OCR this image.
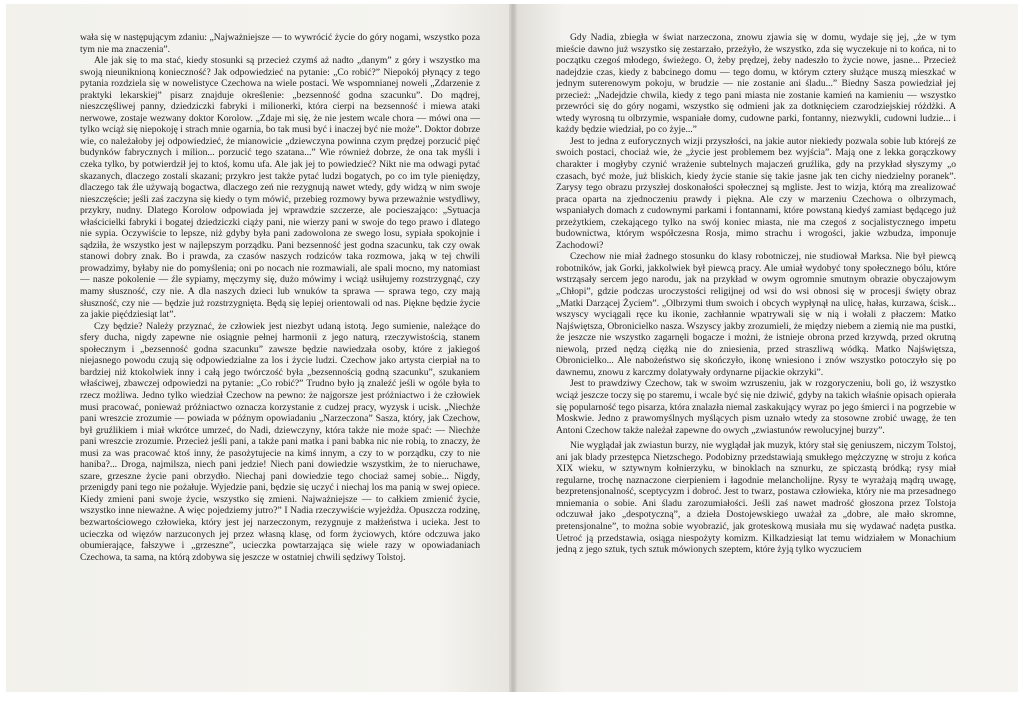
wała się w następującym zdaniu: „Najważniejsze — to wywrócić życie do góry nogami, wszystko poza tym nie ma znaczenia”.

Ale jak się to ma stać, kiedy stosunki są przecież czymś aż nadto „danym” z góry i wszystko ma swoją nieuniknioną konieczność? Jak odpowiedzieć na pytanie: „Co robić?” Niepokój płynący z tego pytania rozdziela się w nowelistyce Czechowa na wiele postaci. We wspomnianej noweli „Zdarzenie z praktyki lekarskiej” pisarz znajduje określenie: „bezsenność godna szacunku”. Do mądrej, nieszczęśliwej panny, dziedziczki fabryki i milionerki, która cierpi na bezsenność i miewa ataki nerwowe, zostaje wezwany doktor Korolow. „Zdaje mi się, że nie jestem wcale chora — mówi ona — tylko wciąż się niepokoję i strach mnie ogarnia, bo tak musi być i inaczej być nie może”. Doktor dobrze wie, co należałoby jej odpowiedzieć, że mianowicie „dziewczyna powinna czym prędzej porzucić pięć budynków fabrycznych i milion... porzucić tego szatana...” Wie również dobrze, że ona tak myśli i czeka tylko, by potwierdził jej to ktoś, komu ufa. Ale jak jej to powiedzieć? Nikt nie ma odwagi pytać skazanych, dlaczego zostali skazani; przykro jest także pytać ludzi bogatych, po co im tyle pieniędzy, dlaczego tak źle używają bogactwa, dlaczego zeń nie rezygnują nawet wtedy, gdy widzą w nim swoje nieszczęście; jeśli zaś zaczyna się kiedy o tym mówić, przebieg rozmowy bywa przeważnie wstydliwy, przykry, nudny. Dlatego Korolow odpowiada jej wprawdzie szczerze, ale pocieszająco: „Sytuacja właścicielki fabryki i bogatej dziedziczki ciąży pani, nie wierzy pani w swoje do tego prawo i dlatego nie sypia. Oczywiście to lepsze, niż gdyby była pani zadowolona ze swego losu, sypiała spokojnie i sądziła, że wszystko jest w najlepszym porządku. Pani bezsenność jest godna szacunku, tak czy owak stanowi dobry znak. Bo i prawda, za czasów naszych rodziców taka rozmowa, jaką w tej chwili prowadzimy, byłaby nie do pomyślenia; oni po nocach nie rozmawiali, ale spali mocno, my natomiast — nasze pokolenie — źle sypiamy, męczymy się, dużo mówimy i wciąż usiłujemy rozstrzygnąć, czy mamy słuszność, czy nie. A dla naszych dzieci lub wnuków ta sprawa — sprawa tego, czy mają słuszność, czy nie — będzie już rozstrzygnięta. Będą się lepiej orientowali od nas. Piękne będzie życie za jakie pięćdziesiąt lat”.

Czy będzie? Należy przyznać, że człowiek jest niezbyt udaną istotą. Jego sumienie, należące do sfery ducha, nigdy zapewne nie osiągnie pełnej harmonii z jego naturą, rzeczywistością, stanem społecznym i „bezsenność godna szacunku” zawsze będzie nawiedzała osoby, które z jakiegoś niejasnego powodu czują się odpowiedzialne za los i życie ludzi. Czechow jako artysta cierpiał na to bardziej niż ktokolwiek inny i całą jego twórczość była „bezsennością godną szacunku”, szukaniem właściwej, zbawczej odpowiedzi na pytanie: „Co robić?” Trudno było ją znaleźć jeśli w ogóle była to rzecz możliwa. Jedno tylko wiedział Czechow na pewno: że najgorsze jest próżniactwo i że człowiek musi pracować, ponieważ próżniactwo oznacza korzystanie z cudzej pracy, wyzysk i ucisk. „Niechże pani wreszcie zrozumie — powiada w późnym opowiadaniu „Narzeczona” Sasza, który, jak Czechow, był gruźlikiem i miał wkrótce umrzeć, do Nadi, dziewczyny, która także nie może spać: — Niechże pani wreszcie zrozumie. Przecież jeśli pani, a także pani matka i pani babka nic nie robią, to znaczy, że musi za was pracować ktoś inny, że pasożytujecie na kimś innym, a czy to w porządku, czy to nie haniba?... Droga, najmilsza, niech pani jedzie! Niech pani dowiedzie wszystkim, że to nieruchawe, szare, grzeszne życie pani obrzydło. Niechaj pani dowiedzie tego chociaż samej sobie... Nigdy, przenigdy pani tego nie pożałuje. Wyjedzie pani, będzie się uczyć i niechaj los ma panią w swej opiece. Kiedy zmieni pani swoje życie, wszystko się zmieni. Najważniejsze — to całkiem zmienić życie, wszystko inne nieważne. A więc pojedziemy jutro?” I Nadia rzeczywiście wyjeżdża. Opuszcza rodzinę, bezwartościowego człowieka, który jest jej narzeczonym, rezygnuje z małżeństwa i ucieka. Jest to ucieczka od więzów narzuconych jej przez własną klasę, od form życiowych, które odczuwa jako obumierające, fałszywe i „grzeszne”, ucieczka powtarzająca się wiele razy w opowiadaniach Czechowa, ta sama, na którą zdobywa się jeszcze w ostatniej chwili sędziwy Tolstoj.

Gdy Nadia, zbiegła w świat narzeczona, znowu zjawia się w domu, wydaje się jej, „że w tym mieście dawno już wszystko się zestarzało, przeżyło, że wszystko, zda się wyczekuje ni to końca, ni to początku czegoś młodego, świeżego. O, żeby prędzej, żeby nadeszło to życie nowe, jasne... Przecież nadejdzie czas, kiedy z babcinego domu — tego domu, w którym cztery służące muszą mieszkać w jednym suterenowym pokoju, w brudzie — nie zostanie ani śladu...” Biedny Sasza powiedział jej przecież: „Nadejdzie chwila, kiedy z tego pani miasta nie zostanie kamień na kamieniu — wszystko przewróci się do góry nogami, wszystko się odmieni jak za dotknięciem czarodziejskiej różdżki. A wtedy wyrosną tu olbrzymie, wspaniałe domy, cudowne parki, fontanny, niezwykli, cudowni ludzie... i każdy będzie wiedział, po co żyje...”

Jest to jedna z euforycznych wizji przyszłości, na jakie autor niekiedy pozwala sobie lub którejś ze swoich postaci, chociaż wie, że „życie jest problemem bez wyjścia”. Mają one z lekka gorączkowy charakter i mogłyby czynić wrażenie subtelnych majaczeń gruźlika, gdy na przykład słyszymy „o czasach, być może, już bliskich, kiedy życie stanie się takie jasne jak ten cichy niedzielny poranek”. Zarysy tego obrazu przyszłej doskonałości społecznej są mgliste. Jest to wizja, którą ma zrealizować praca oparta na zjednoczeniu prawdy i piękna. Ale czy w marzeniu Czechowa o olbrzymach, wspaniałych domach z cudownymi parkami i fontannami, które powstaną kiedyś zamiast będącego już przeżytkiem, czekającego tylko na swój koniec miasta, nie ma czegoś z socjalistycznego impetu budownictwa, którym współczesna Rosja, mimo strachu i wrogości, jakie wzbudza, imponuje Zachodowi?

Czechow nie miał żadnego stosunku do klasy robotniczej, nie studiował Marksa. Nie był piewcą robotników, jak Gorki, jakkolwiek był piewcą pracy. Ale umiał wydobyć tony społecznego bólu, które wstrząsały sercem jego narodu, jak na przykład w owym ogromnie smutnym obrazie obyczajowym „Chłopi”, gdzie podczas uroczystości religijnej od wsi do wsi obnosi się w procesji święty obraz „Matki Darzącej Życiem”. „Olbrzymi tłum swoich i obcych wypłynął na ulicę, hałas, kurzawa, ścisk... wszyscy wyciągali ręce ku ikonie, zachłannie wpatrywali się w nią i wołali z płaczem: Matko Najświętsza, Obronicielko nasza. Wszyscy jakby zrozumieli, że między niebem a ziemią nie ma pustki, że jeszcze nie wszystko zagarnęli bogacze i możni, że istnieje obrona przed krzywdą, przed okrutną niewolą, przed nędzą ciężką nie do zniesienia, przed straszliwą wódką. Matko Najświętsza, Obronicielko... Ale nabożeństwo się skończyło, ikonę wniesiono i znów wszystko potoczyło się po dawnemu, znowu z karczmy dolatywały ordynarne pijackie okrzyki”.

Jest to prawdziwy Czechow, tak w swoim wzruszeniu, jak w rozgoryczeniu, boli go, iż wszystko wciąż jeszcze toczy się po staremu, i wcale być się nie dziwić, gdyby na takich właśnie opisach opierała się popularność tego pisarza, która znalazła niemal zaskakujący wyraz po jego śmierci i na pogrzebie w Moskwie. Jedno z prawomyślnych myślących pism uznało wtedy za stosowne zrobić uwagę, że ten Antoni Czechow także należał zapewne do owych „zwiastunów rewolucyjnej burzy”.

Nie wyglądał jak zwiastun burzy, nie wyglądał jak muzyk, który stał się geniuszem, niczym Tolstoj, ani jak blady przestępca Nietzschego. Podobizny przedstawiają smukłego mężczyznę w stroju z końca XIX wieku, w sztywnym kołnierzyku, w binoklach na sznurku, ze spiczastą bródką; rysy miał regularne, trochę naznaczone cierpieniem i łagodnie melancholijne. Rysy te wyrażają mądrą uwagę, bezpretensjonalność, sceptycyzm i dobroć. Jest to twarz, postawa człowieka, który nie ma przesadnego mniemania o sobie. Ani śladu zarozumiałości. Jeśli zaś nawet madrość głoszona przez Tolstoja odczuwał jako „despotyczną”, a dzieła Dostojewskiego uważał za „dobre, ale mało skromne, pretensjonalne”, to można sobie wyobrazić, jak groteskową musiała mu się wydawać nadęta pustka. Uetroć ją przedstawia, osiąga niespożyty komizm. Kilkadziesiąt lat temu widziałem w Monachium jedną z jego sztuk, tych sztuk mówionych szeptem, które żyją tylko wyczuciem
